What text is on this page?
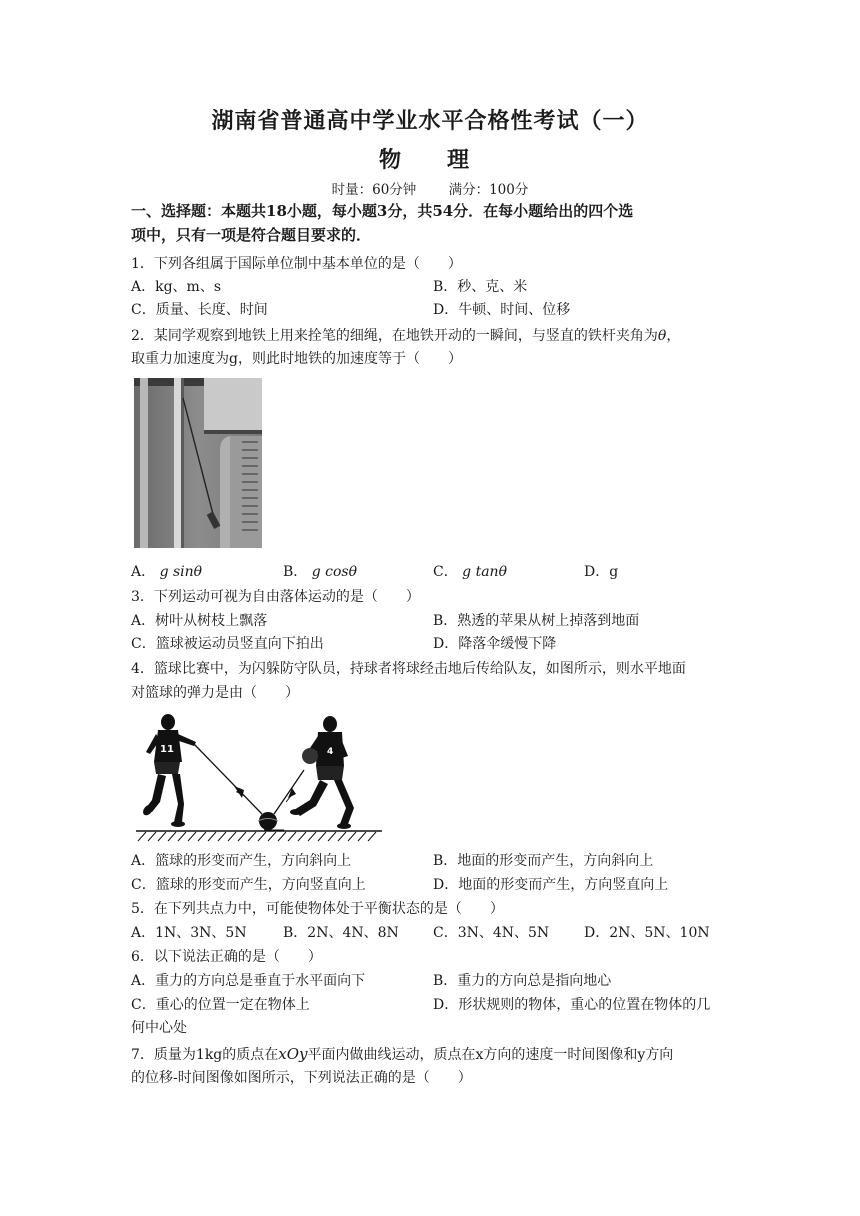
湖南省普通高中学业水平合格性考试（一）
物　理
时量：60分钟 满分：100分
一、选择题：本题共18小题，每小题3分，共54分．在每小题给出的四个选
项中，只有一项是符合题目要求的．
1．下列各组属于国际单位制中基本单位的是（　　）
A．kg、m、s	B．秒、克、米
C．质量、长度、时间	D．牛顿、时间、位移
2．某同学观察到地铁上用来拴笔的细绳，在地铁开动的一瞬间，与竖直的铁杆夹角为θ，
取重力加速度为g，则此时地铁的加速度等于（　　）
A． g sinθ	B． g cosθ	C． g tanθ	D．g
3．下列运动可视为自由落体运动的是（　　）
A．树叶从树枝上飘落	B．熟透的苹果从树上掉落到地面
C．篮球被运动员竖直向下拍出	D．降落伞缓慢下降
4．篮球比赛中，为闪躲防守队员，持球者将球经击地后传给队友，如图所示，则水平地面
对篮球的弹力是由（　　）
11	4
A．篮球的形变而产生，方向斜向上	B．地面的形变而产生，方向斜向上
C．篮球的形变而产生，方向竖直向上	D．地面的形变而产生，方向竖直向上
5．在下列共点力中，可能使物体处于平衡状态的是（　　）
A．1N、3N、5N	B．2N、4N、8N C．3N、4N、5N D．2N、5N、10N
6．以下说法正确的是（　　）
A．重力的方向总是垂直于水平面向下	B．重力的方向总是指向地心
C．重心的位置一定在物体上	D．形状规则的物体，重心的位置在物体的几
何中心处
7．质量为1kg的质点在xOy平面内做曲线运动，质点在x方向的速度一时间图像和y方向
的位移-时间图像如图所示，下列说法正确的是（　　）
